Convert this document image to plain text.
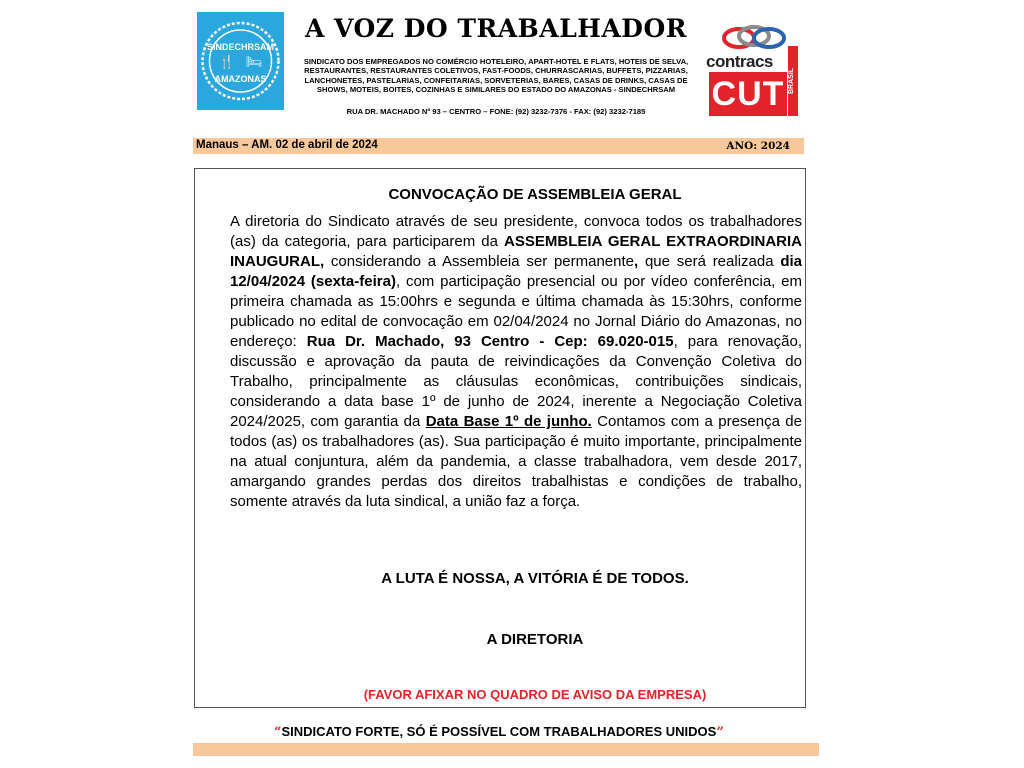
SINDECHRSAM
🍴 🛏
AMAZONAS
A VOZ DO TRABALHADOR
SINDICATO DOS EMPREGADOS NO COMÉRCIO HOTELEIRO, APART-HOTEL E FLATS, HOTEIS DE SELVA, RESTAURANTES, RESTAURANTES COLETIVOS, FAST-FOODS, CHURRASCARIAS, BUFFETS, PIZZARIAS, LANCHONETES, PASTELARIAS, CONFEITARIAS, SORVETERIAS, BARES, CASAS DE DRINKS, CASAS DE SHOWS, MOTEIS, BOITES, COZINHAS E SIMILARES DO ESTADO DO AMAZONAS - SINDECHRSAM
RUA DR. MACHADO Nº 93 – CENTRO – FONE: (92) 3232-7376 - FAX: (92) 3232-7185
contracs
CUT BRASIL
Manaus – AM. 02 de abril de 2024	ANO: 2024
CONVOCAÇÃO DE ASSEMBLEIA GERAL
A diretoria do Sindicato através de seu presidente, convoca todos os trabalhadores (as) da categoria, para participarem da ASSEMBLEIA GERAL EXTRAORDINARIA INAUGURAL, considerando a Assembleia ser permanente, que será realizada dia 12/04/2024 (sexta-feira), com participação presencial ou por vídeo conferência, em primeira chamada as 15:00hrs e segunda e última chamada às 15:30hrs, conforme publicado no edital de convocação em 02/04/2024 no Jornal Diário do Amazonas, no endereço: Rua Dr. Machado, 93 Centro - Cep: 69.020-015, para renovação, discussão e aprovação da pauta de reivindicações da Convenção Coletiva do Trabalho, principalmente as cláusulas econômicas, contribuições sindicais, considerando a data base 1º de junho de 2024, inerente a Negociação Coletiva 2024/2025, com garantia da Data Base 1º de junho. Contamos com a presença de todos (as) os trabalhadores (as). Sua participação é muito importante, principalmente na atual conjuntura, além da pandemia, a classe trabalhadora, vem desde 2017, amargando grandes perdas dos direitos trabalhistas e condições de trabalho, somente através da luta sindical, a união faz a força.
A LUTA É NOSSA, A VITÓRIA É DE TODOS.
A DIRETORIA
(FAVOR AFIXAR NO QUADRO DE AVISO DA EMPRESA)
“SINDICATO FORTE, SÓ É POSSÍVEL COM TRABALHADORES UNIDOS”
